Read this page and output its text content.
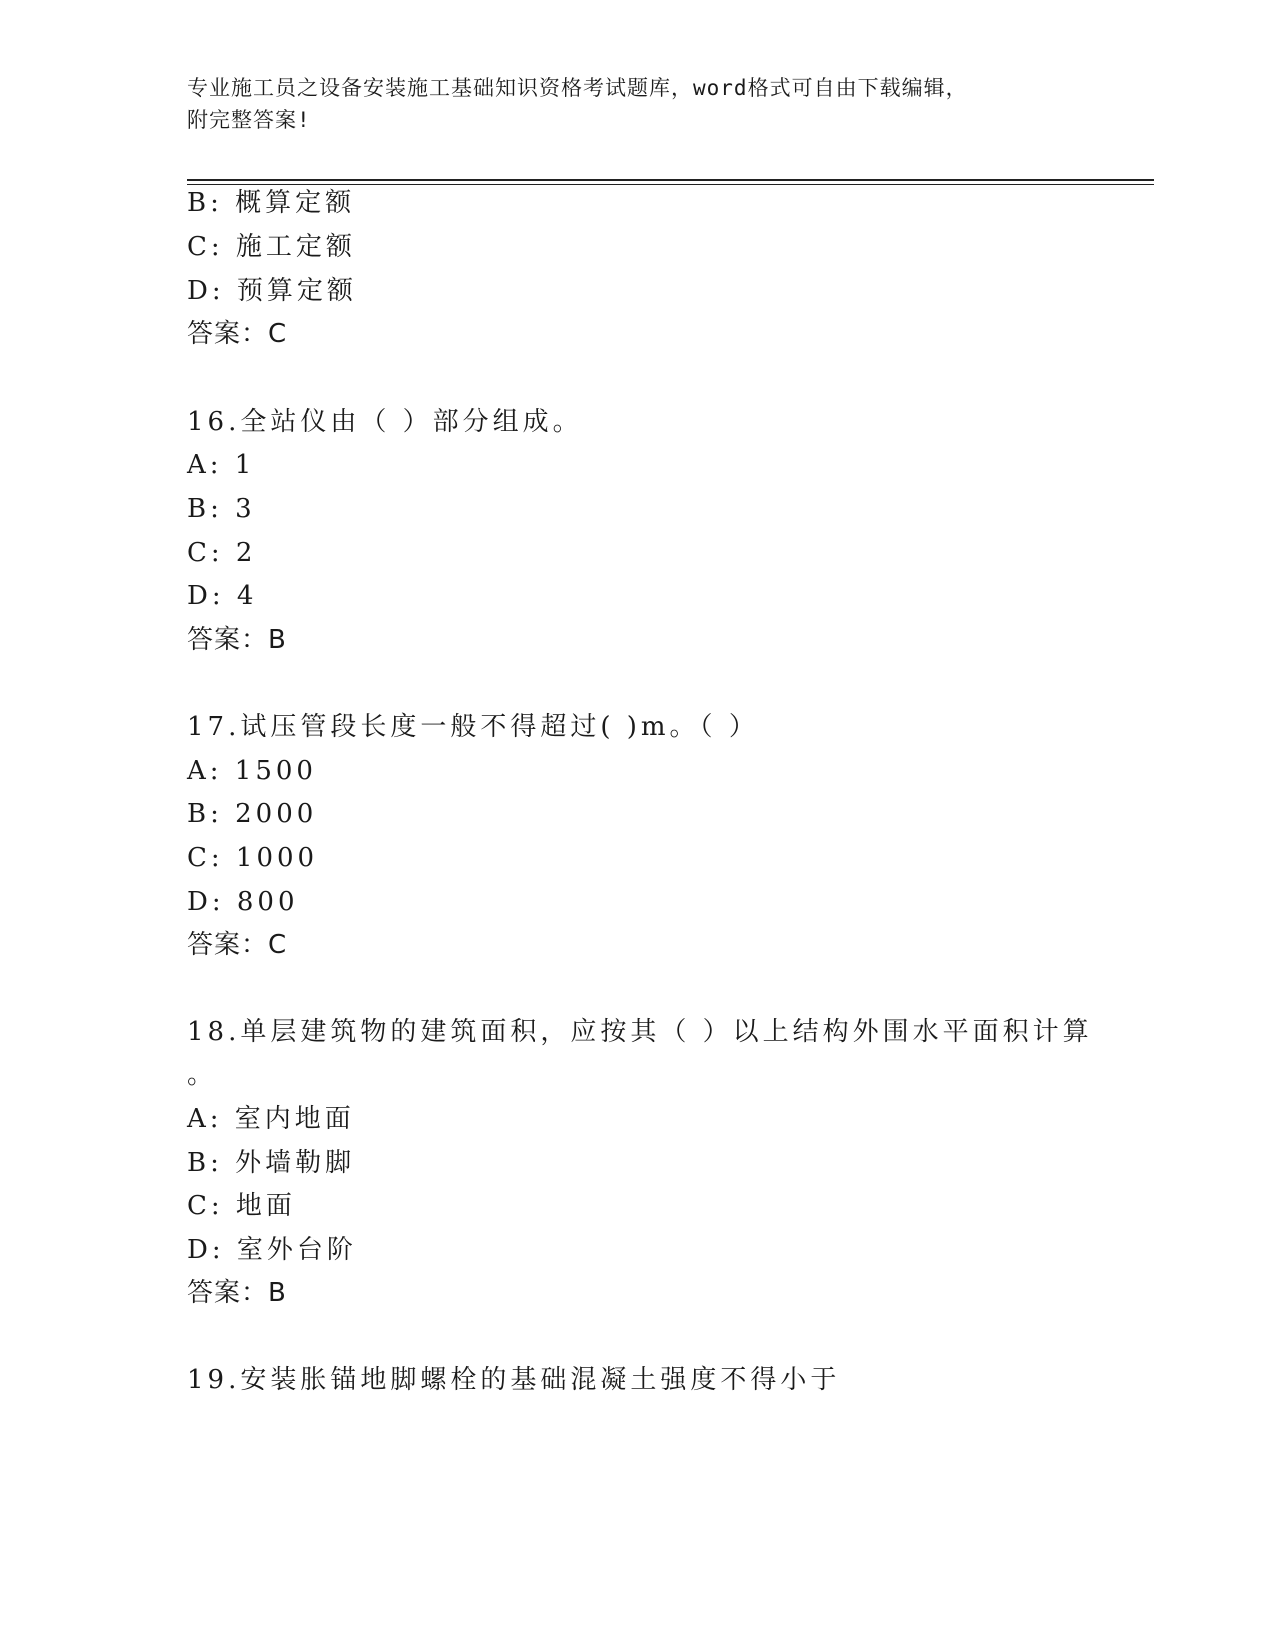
专业施工员之设备安装施工基础知识资格考试题库，word格式可自由下载编辑，
附完整答案!
B: 概算定额
C: 施工定额
D: 预算定额
答案：C
16.全站仪由（ ）部分组成。
A: 1
B: 3
C: 2
D: 4
答案：B
17.试压管段长度一般不得超过( )m。（ ）
A: 1500
B: 2000
C: 1000
D: 800
答案：C
18.单层建筑物的建筑面积，应按其（ ）以上结构外围水平面积计算
。
A: 室内地面
B: 外墙勒脚
C: 地面
D: 室外台阶
答案：B
19.安装胀锚地脚螺栓的基础混凝土强度不得小于
